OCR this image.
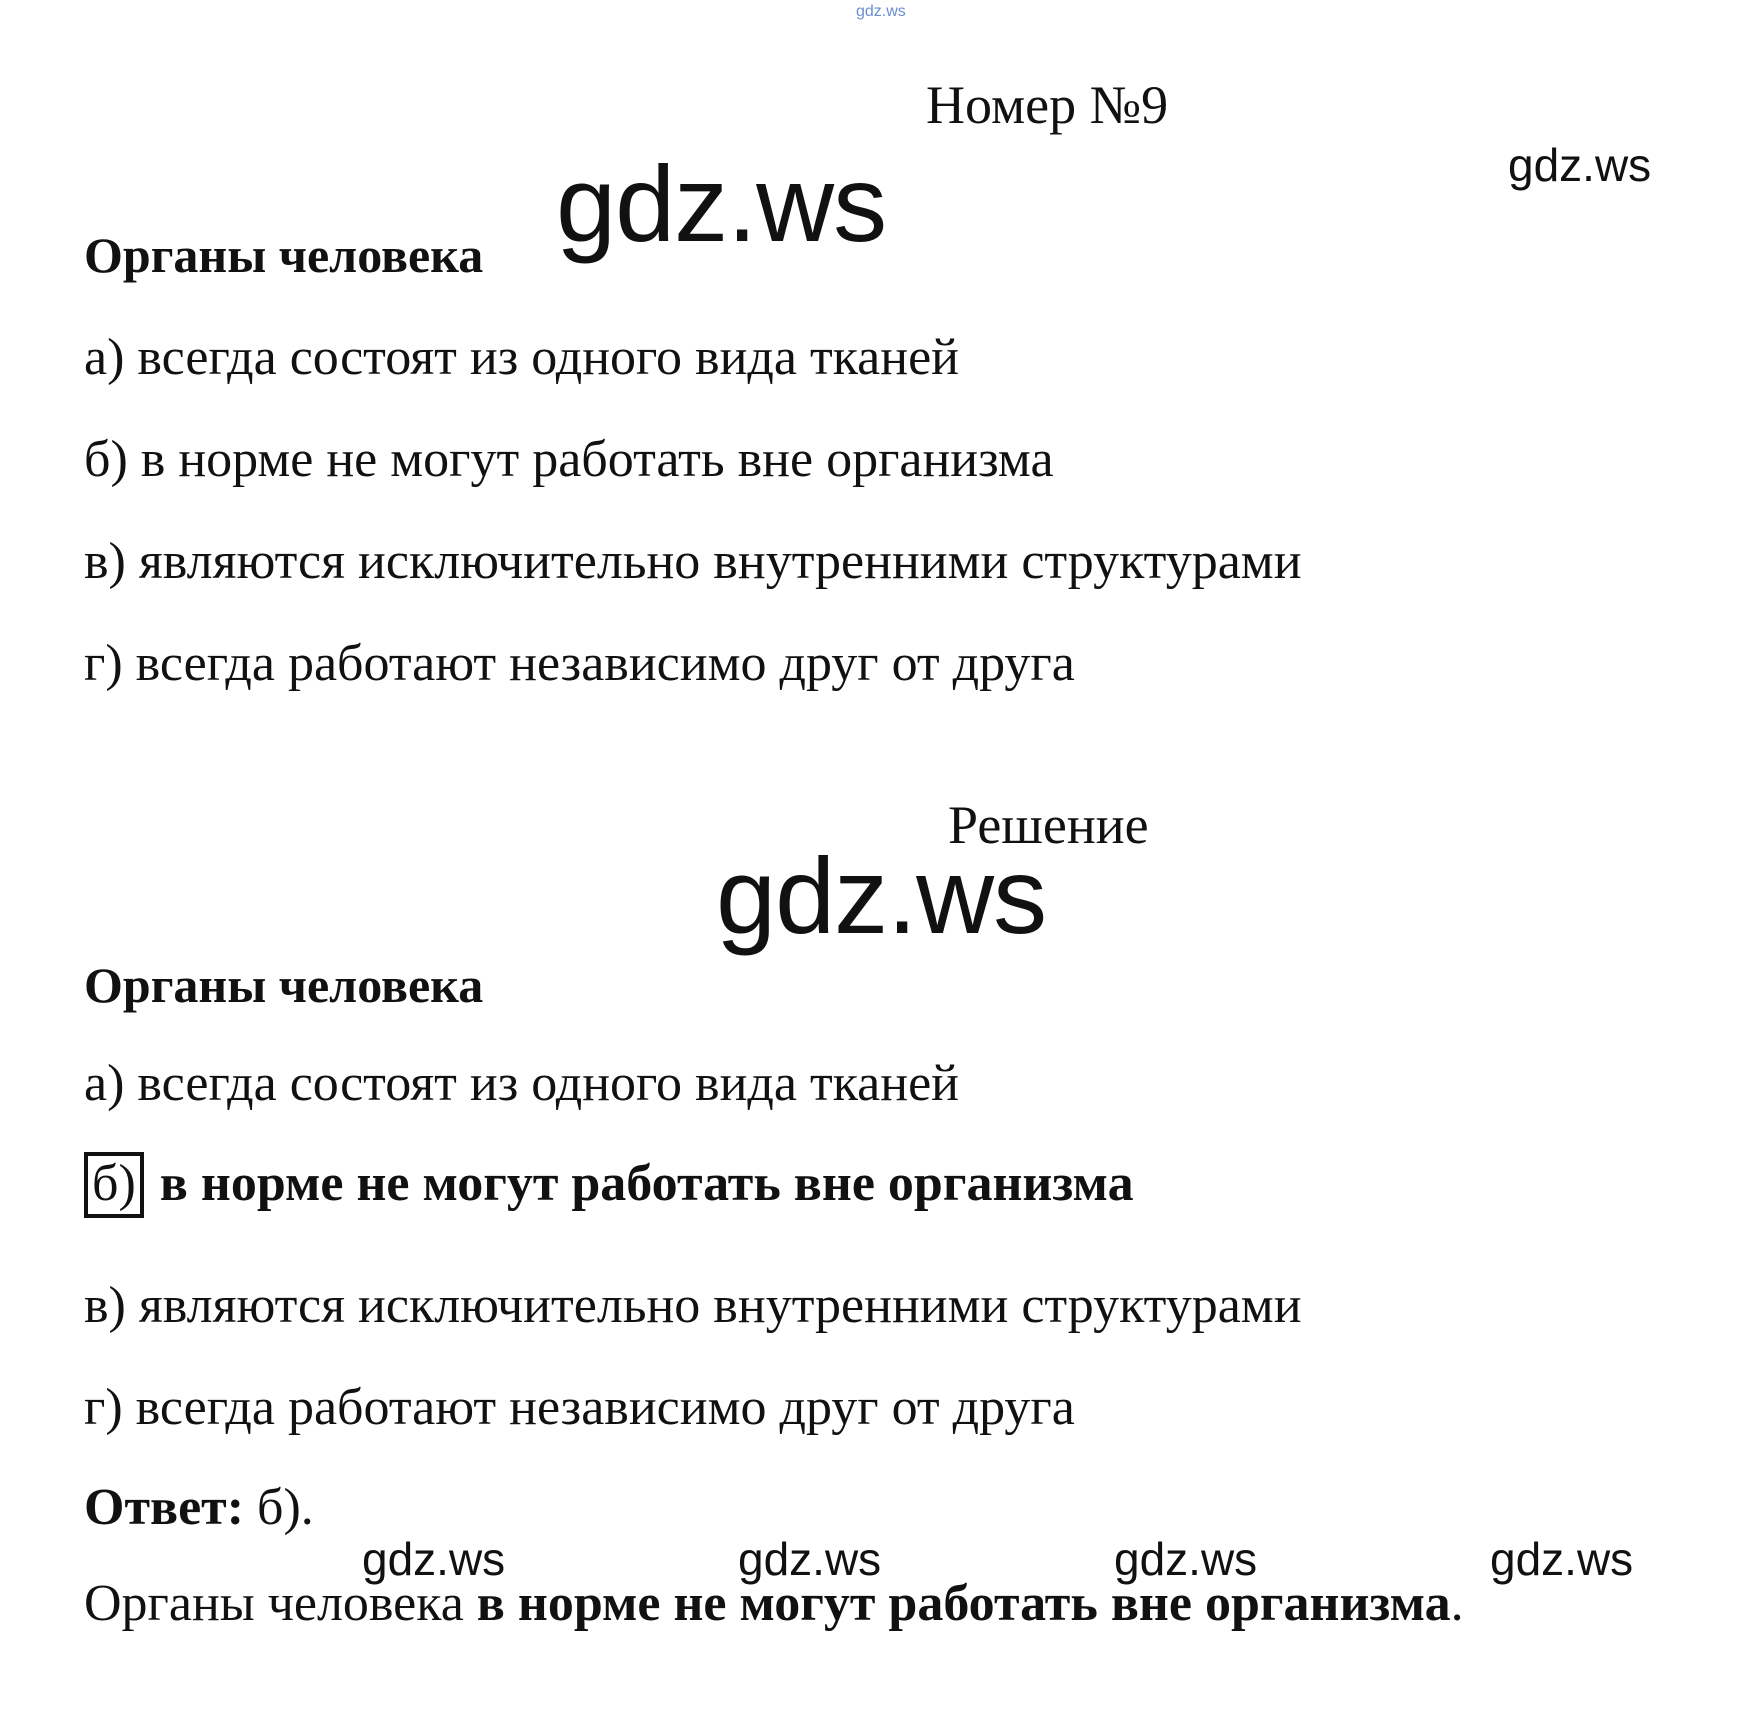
gdz.ws
gdz.ws
gdz.ws
gdz.ws
Номер №9
Органы человека
а) всегда состоят из одного вида тканей
б) в норме не могут работать вне организма
в) являются исключительно внутренними структурами
г) всегда работают независимо друг от друга
Решение
Органы человека
а) всегда состоят из одного вида тканей
б) в норме не могут работать вне организма
в) являются исключительно внутренними структурами
г) всегда работают независимо друг от друга
Ответ: б).
gdz.ws	gdz.ws	gdz.ws	gdz.ws
Органы человека в норме не могут работать вне организма.
